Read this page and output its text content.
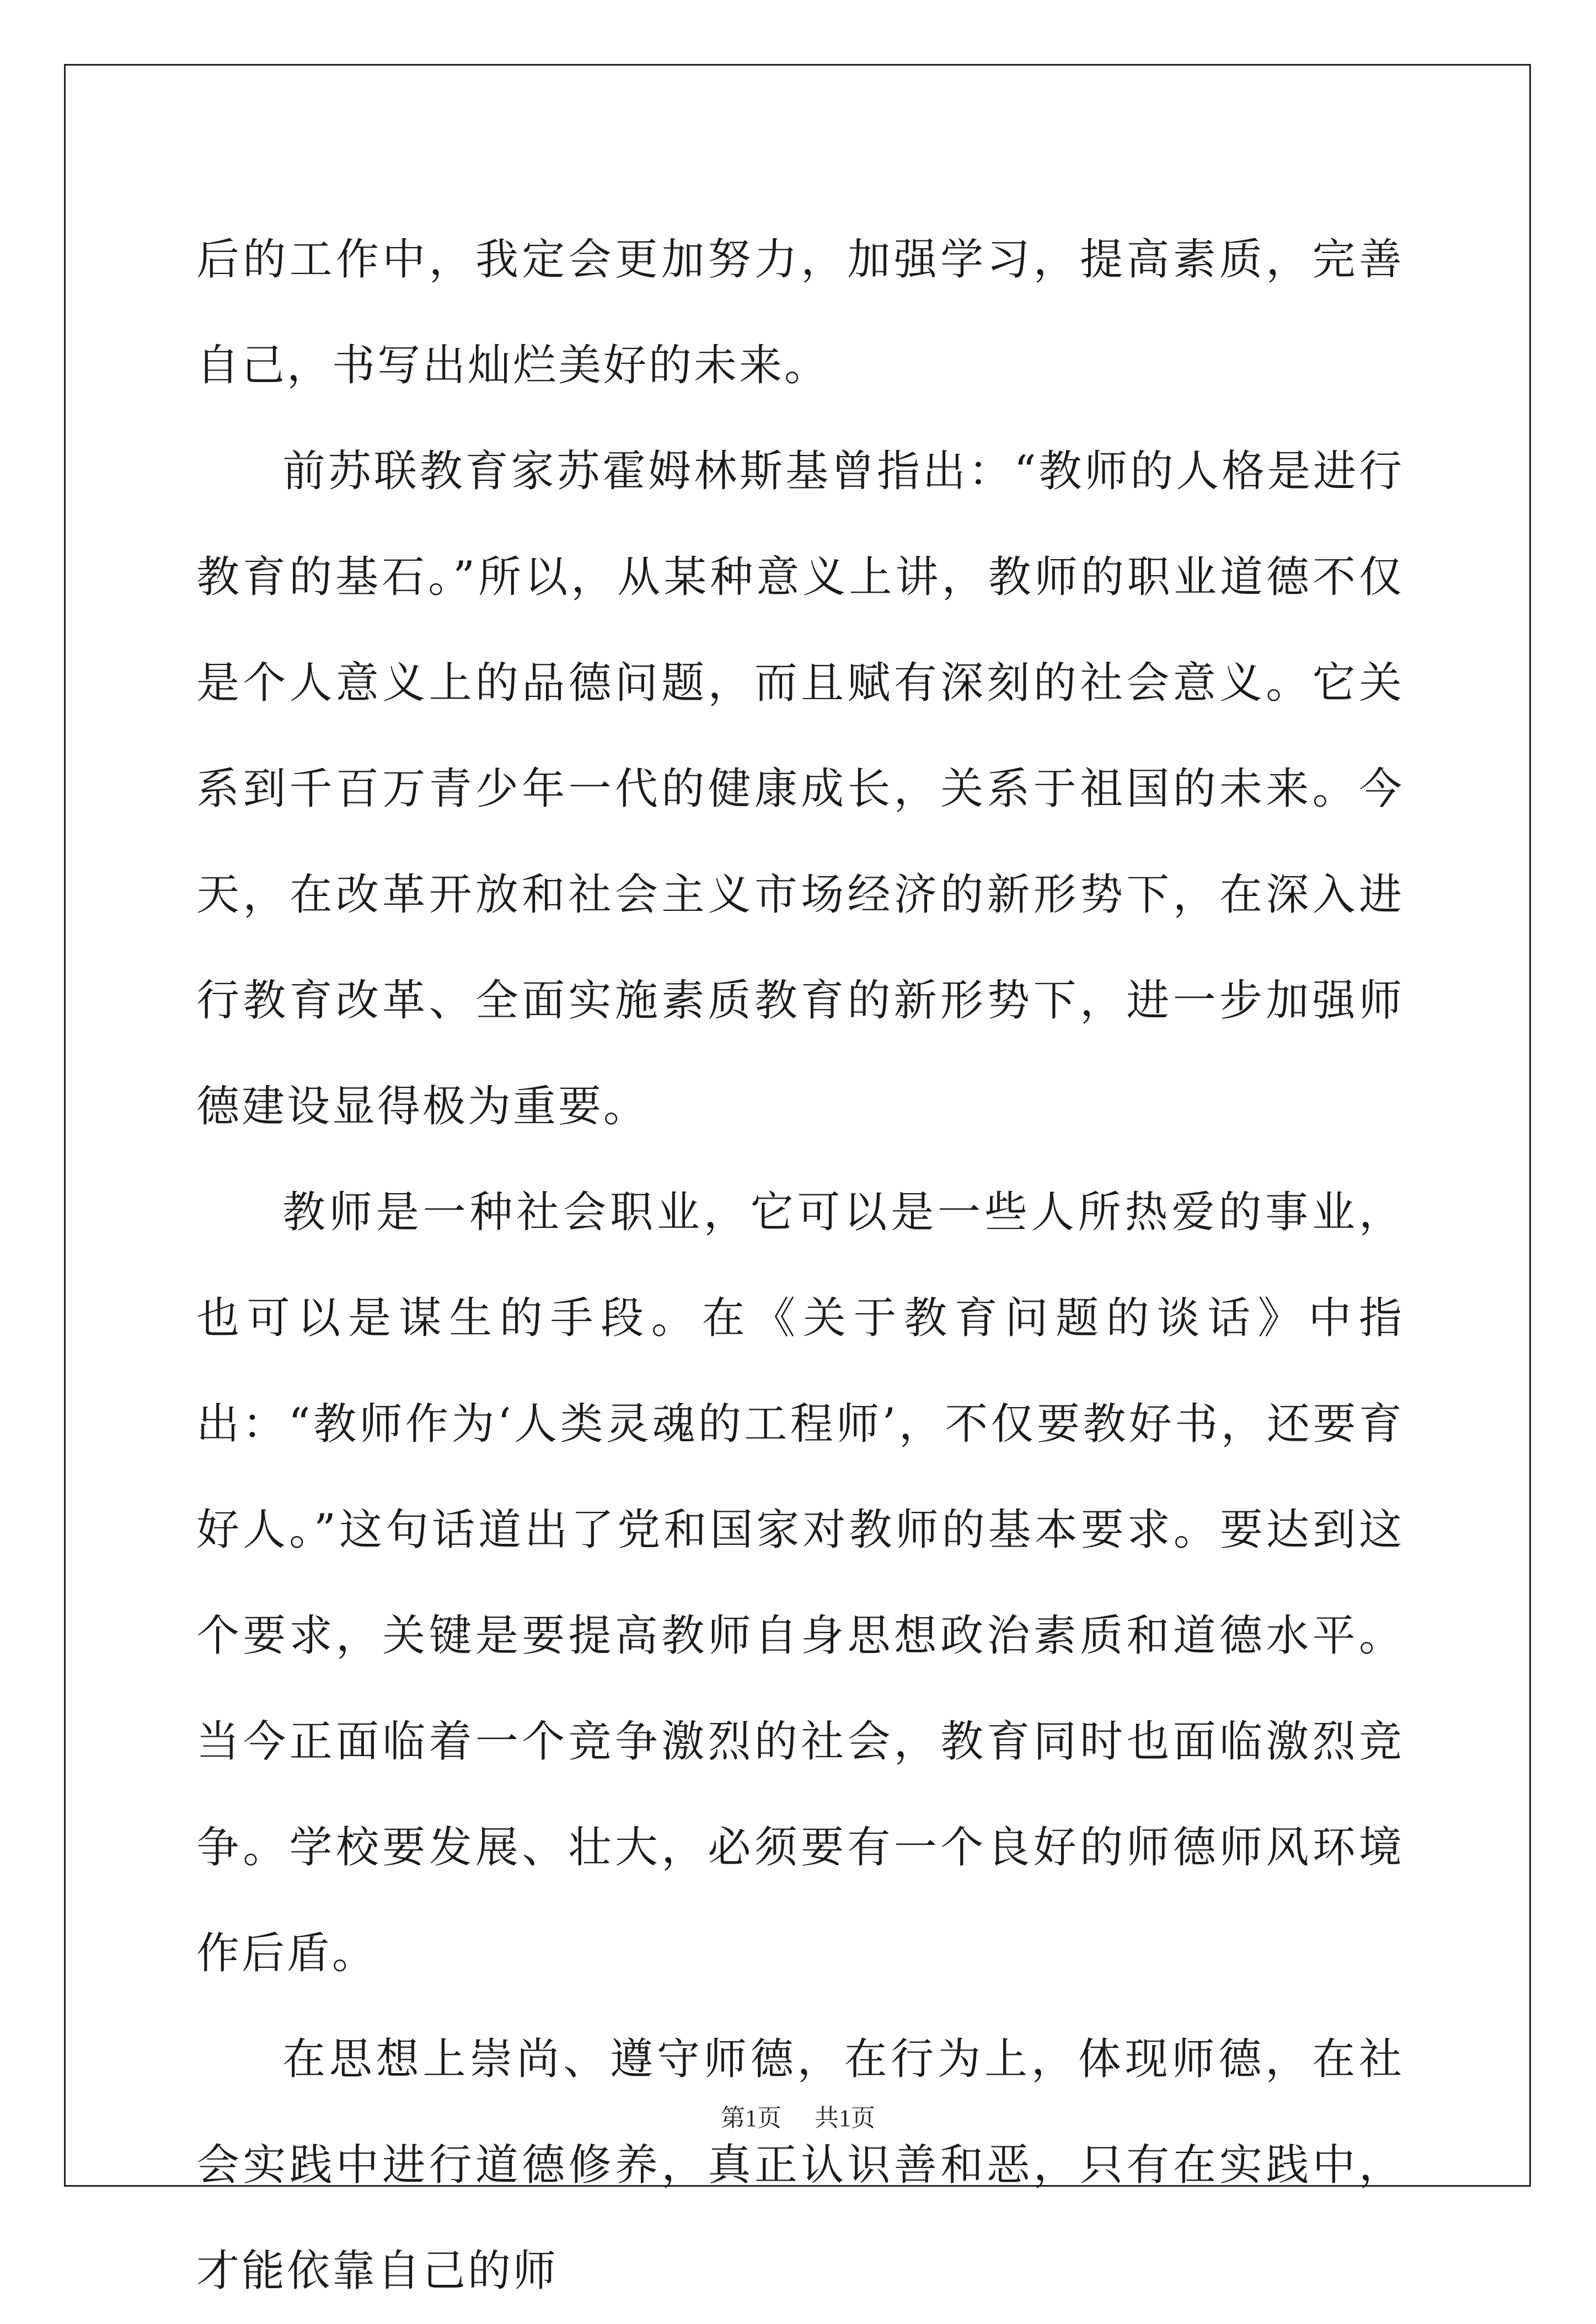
后的工作中，我定会更加努力，加强学习，提高素质，完善自己，书写出灿烂美好的未来。

前苏联教育家苏霍姆林斯基曾指出：“教师的人格是进行教育的基石。”所以，从某种意义上讲，教师的职业道德不仅是个人意义上的品德问题，而且赋有深刻的社会意义。它关系到千百万青少年一代的健康成长，关系于祖国的未来。今天，在改革开放和社会主义市场经济的新形势下，在深入进行教育改革、全面实施素质教育的新形势下，进一步加强师德建设显得极为重要。

教师是一种社会职业，它可以是一些人所热爱的事业，也可以是谋生的手段。在《关于教育问题的谈话》中指出：“教师作为‘人类灵魂的工程师’，不仅要教好书，还要育好人。”这句话道出了党和国家对教师的基本要求。要达到这个要求，关键是要提高教师自身思想政治素质和道德水平。当今正面临着一个竞争激烈的社会，教育同时也面临激烈竞争。学校要发展、壮大，必须要有一个良好的师德师风环境作后盾。

在思想上崇尚、遵守师德，在行为上，体现师德，在社会实践中进行道德修养，真正认识善和恶，只有在实践中，才能依靠自己的师

第1页 共1页
